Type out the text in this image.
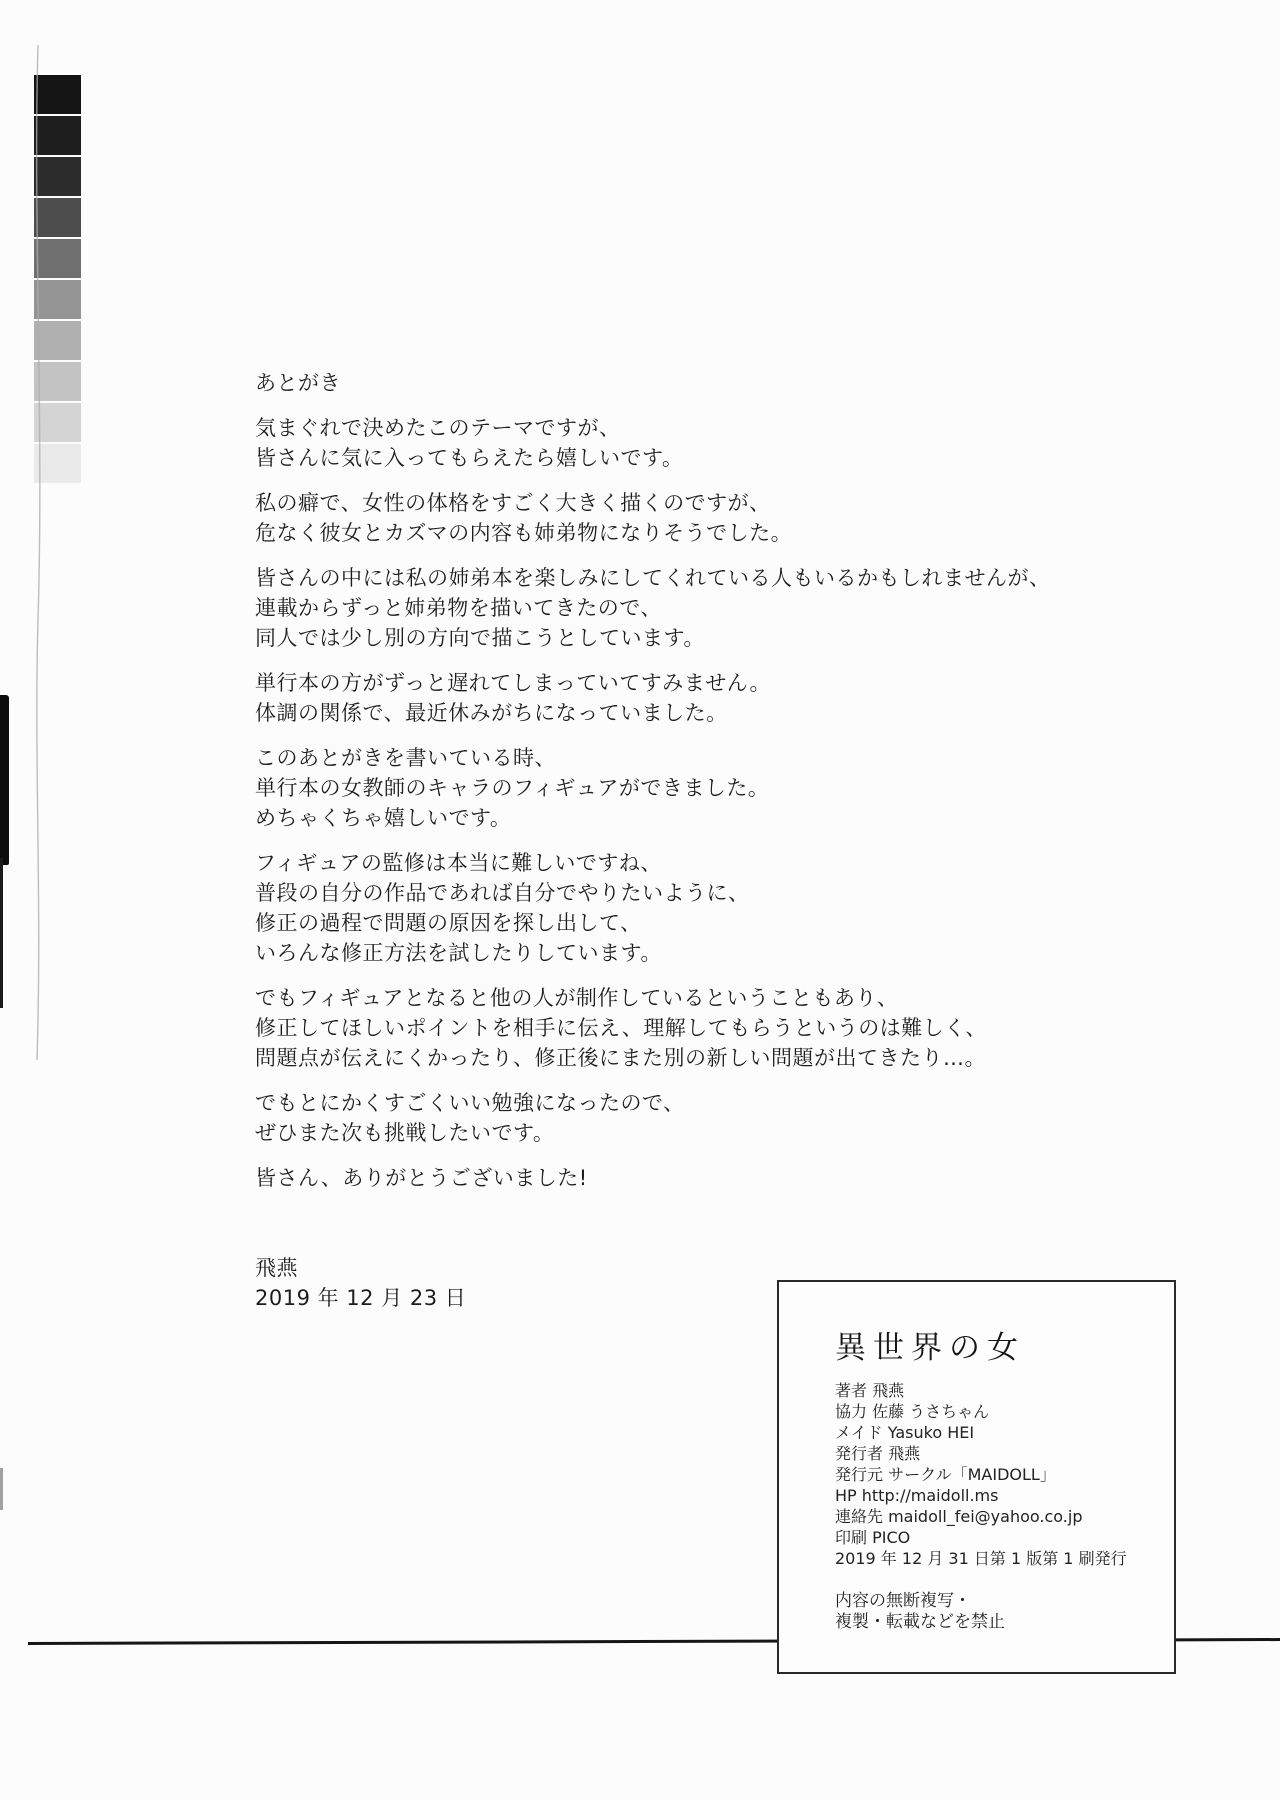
あとがき

気まぐれで決めたこのテーマですが、
皆さんに気に入ってもらえたら嬉しいです。

私の癖で、女性の体格をすごく大きく描くのですが、
危なく彼女とカズマの内容も姉弟物になりそうでした。

皆さんの中には私の姉弟本を楽しみにしてくれている人もいるかもしれませんが、
連載からずっと姉弟物を描いてきたので、
同人では少し別の方向で描こうとしています。

単行本の方がずっと遅れてしまっていてすみません。
体調の関係で、最近休みがちになっていました。

このあとがきを書いている時、
単行本の女教師のキャラのフィギュアができました。
めちゃくちゃ嬉しいです。

フィギュアの監修は本当に難しいですね、
普段の自分の作品であれば自分でやりたいように、
修正の過程で問題の原因を探し出して、
いろんな修正方法を試したりしています。

でもフィギュアとなると他の人が制作しているということもあり、
修正してほしいポイントを相手に伝え、理解してもらうというのは難しく、
問題点が伝えにくかったり、修正後にまた別の新しい問題が出てきたり…。

でもとにかくすごくいい勉強になったので、
ぜひまた次も挑戦したいです。

皆さん、ありがとうございました!

飛燕
2019 年 12 月 23 日
異世界の女
著者 飛燕
協力 佐藤 うさちゃん
メイド Yasuko HEI
発行者 飛燕
発行元 サークル「MAIDOLL」
HP http://maidoll.ms
連絡先 maidoll_fei@yahoo.co.jp
印刷 PICO
2019 年 12 月 31 日第 1 版第 1 刷発行
内容の無断複写・
複製・転載などを禁止
